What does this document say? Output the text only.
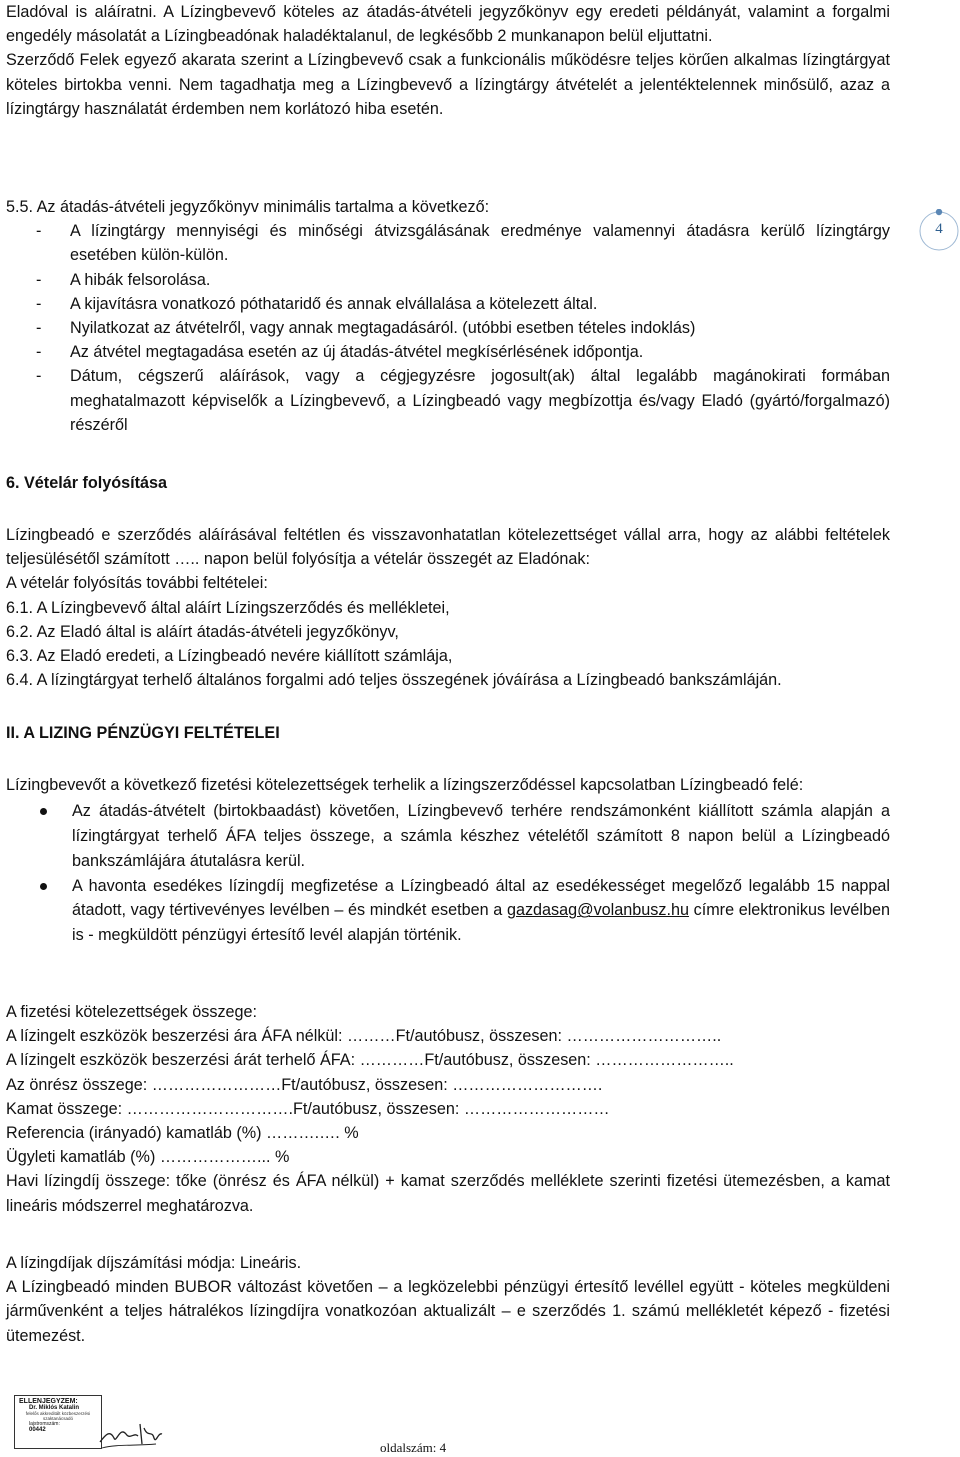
Eladóval is aláíratni. A Lízingbevevő köteles az átadás-átvételi jegyzőkönyv egy eredeti példányát, valamint a forgalmi engedély másolatát a Lízingbeadónak haladéktalanul, de legkésőbb 2 munkanapon belül eljuttatni.

Szerződő Felek egyező akarata szerint a Lízingbevevő csak a funkcionális működésre teljes körűen alkalmas lízingtárgyat köteles birtokba venni. Nem tagadhatja meg a Lízingbevevő a lízingtárgy átvételét a jelentéktelennek minősülő, azaz a lízingtárgy használatát érdemben nem korlátozó hiba esetén.

5.5. Az átadás-átvételi jegyzőkönyv minimális tartalma a következő:

-	A lízingtárgy mennyiségi és minőségi átvizsgálásának eredménye valamennyi átadásra kerülő lízingtárgy esetében külön-külön.
-	A hibák felsorolása.
-	A kijavításra vonatkozó póthataridő és annak elvállalása a kötelezett által.
-	Nyilatkozat az átvételről, vagy annak megtagadásáról. (utóbbi esetben tételes indoklás)
-	Az átvétel megtagadása esetén az új átadás-átvétel megkísérlésének időpontja.
-	Dátum, cégszerű aláírások, vagy a cégjegyzésre jogosult(ak) által legalább magánokirati formában meghatalmazott képviselők a Lízingbevevő, a Lízingbeadó vagy megbízottja és/vagy Eladó (gyártó/forgalmazó) részéről

6. Vételár folyósítása

Lízingbeadó e szerződés aláírásával feltétlen és visszavonhatatlan kötelezettséget vállal arra, hogy az alábbi feltételek teljesülésétől számított ….. napon belül folyósítja a vételár összegét az Eladónak:

A vételár folyósítás további feltételei:

6.1. A Lízingbevevő által aláírt Lízingszerződés és mellékletei,

6.2. Az Eladó által is aláírt átadás-átvételi jegyzőkönyv,

6.3. Az Eladó eredeti, a Lízingbeadó nevére kiállított számlája,

6.4. A lízingtárgyat terhelő általános forgalmi adó teljes összegének jóváírása a Lízingbeadó bankszámláján.

II. A LIZING PÉNZÜGYI FELTÉTELEI

Lízingbevevőt a következő fizetési kötelezettségek terhelik a lízingszerződéssel kapcsolatban Lízingbeadó felé:

Az átadás-átvételt (birtokbaadást) követően, Lízingbevevő terhére rendszámonként kiállított számla alapján a lízingtárgyat terhelő ÁFA teljes összege, a számla készhez vételétől számított 8 napon belül a Lízingbeadó bankszámlájára átutalásra kerül.
A havonta esedékes lízingdíj megfizetése a Lízingbeadó által az esedékességet megelőző legalább 15 nappal átadott, vagy tértivevényes levélben – és mindkét esetben a gazdasag@volanbusz.hu címre elektronikus levélben is - megküldött pénzügyi értesítő levél alapján történik.

A fizetési kötelezettségek összege:

A lízingelt eszközök beszerzési ára ÁFA nélkül: ………Ft/autóbusz, összesen: ………………………..

A lízingelt eszközök beszerzési árát terhelő ÁFA: …………Ft/autóbusz, összesen: ……………………..

Az önrész összege: ……………………Ft/autóbusz, összesen: ……………………….

Kamat összege: ………………………….Ft/autóbusz, összesen: ………………………

Referencia (irányadó) kamatláb (%) ……….…. %

Ügyleti kamatláb (%) ………………... %

Havi lízingdíj összege: tőke (önrész és ÁFA nélkül) + kamat szerződés melléklete szerinti fizetési ütemezésben, a kamat lineáris módszerrel meghatározva.

A lízingdíjak díjszámítási módja: Lineáris.

A Lízingbeadó minden BUBOR változást követően – a legközelebbi pénzügyi értesítő levéllel együtt - köteles megküldeni járművenként a teljes hátralékos lízingdíjra vonatkozóan aktualizált – e szerződés 1. számú mellékletét képező - fizetési ütemezést.

4
ELLENJEGYZEM:
Dr. Miklós Katalin
felelős akkreditált közbeszerzési szaktanácsadó
lajstromszám:
00442
oldalszám: 4
